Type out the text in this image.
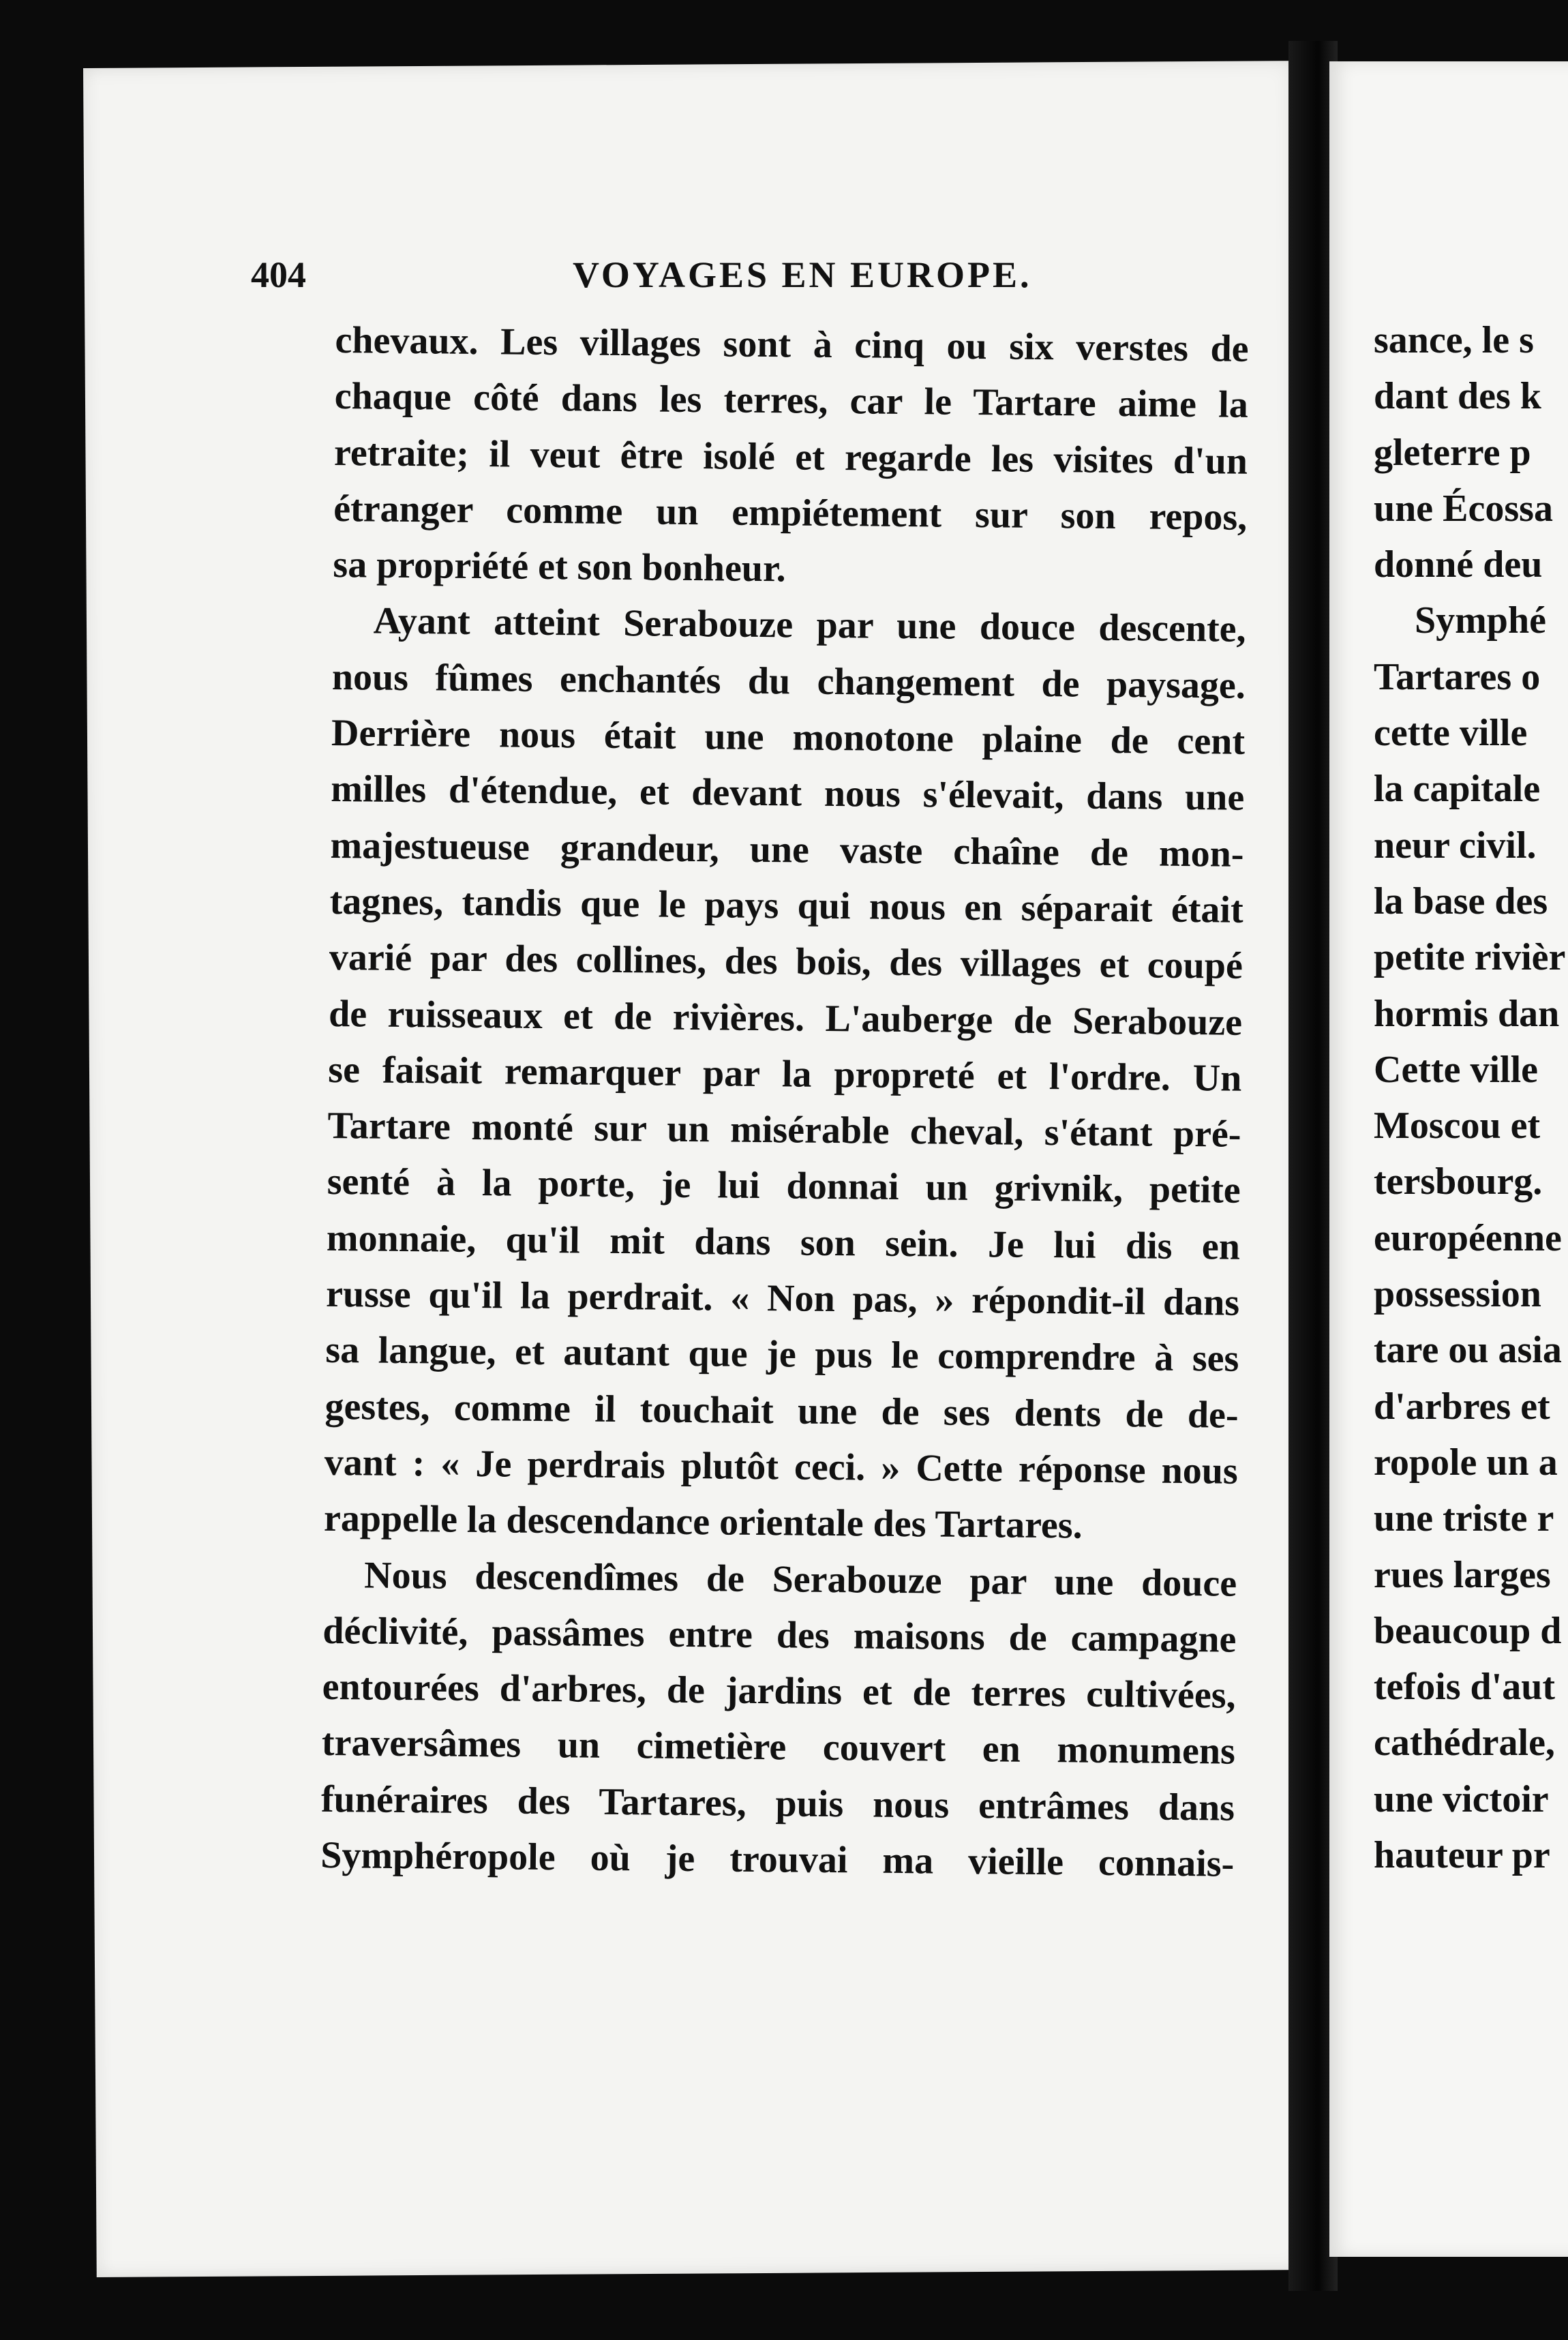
404	VOYAGES EN EUROPE.
chevaux. Les villages sont à cinq ou six verstes de
chaque côté dans les terres, car le Tartare aime la
retraite; il veut être isolé et regarde les visites d'un
étranger comme un empiétement sur son repos,
sa propriété et son bonheur.
Ayant atteint Serabouze par une douce descente,
nous fûmes enchantés du changement de paysage.
Derrière nous était une monotone plaine de cent
milles d'étendue, et devant nous s'élevait, dans une
majestueuse grandeur, une vaste chaîne de mon-
tagnes, tandis que le pays qui nous en séparait était
varié par des collines, des bois, des villages et coupé
de ruisseaux et de rivières. L'auberge de Serabouze
se faisait remarquer par la propreté et l'ordre. Un
Tartare monté sur un misérable cheval, s'étant pré-
senté à la porte, je lui donnai un grivnik, petite
monnaie, qu'il mit dans son sein. Je lui dis en
russe qu'il la perdrait. « Non pas, » répondit-il dans
sa langue, et autant que je pus le comprendre à ses
gestes, comme il touchait une de ses dents de de-
vant : « Je perdrais plutôt ceci. » Cette réponse nous
rappelle la descendance orientale des Tartares.
Nous descendîmes de Serabouze par une douce
déclivité, passâmes entre des maisons de campagne
entourées d'arbres, de jardins et de terres cultivées,
traversâmes un cimetière couvert en monumens
funéraires des Tartares, puis nous entrâmes dans
Symphéropole où je trouvai ma vieille connais-
sance, le s
dant des k
gleterre p
une Écossa
donné deu
Symphé
Tartares o
cette ville
la capitale
neur civil.
la base des
petite rivièr
hormis dan
Cette ville
Moscou et
tersbourg.
européenne
possession
tare ou asia
d'arbres et
ropole un a
une triste r
rues larges
beaucoup d
tefois d'aut
cathédrale,
une victoir
hauteur pr
